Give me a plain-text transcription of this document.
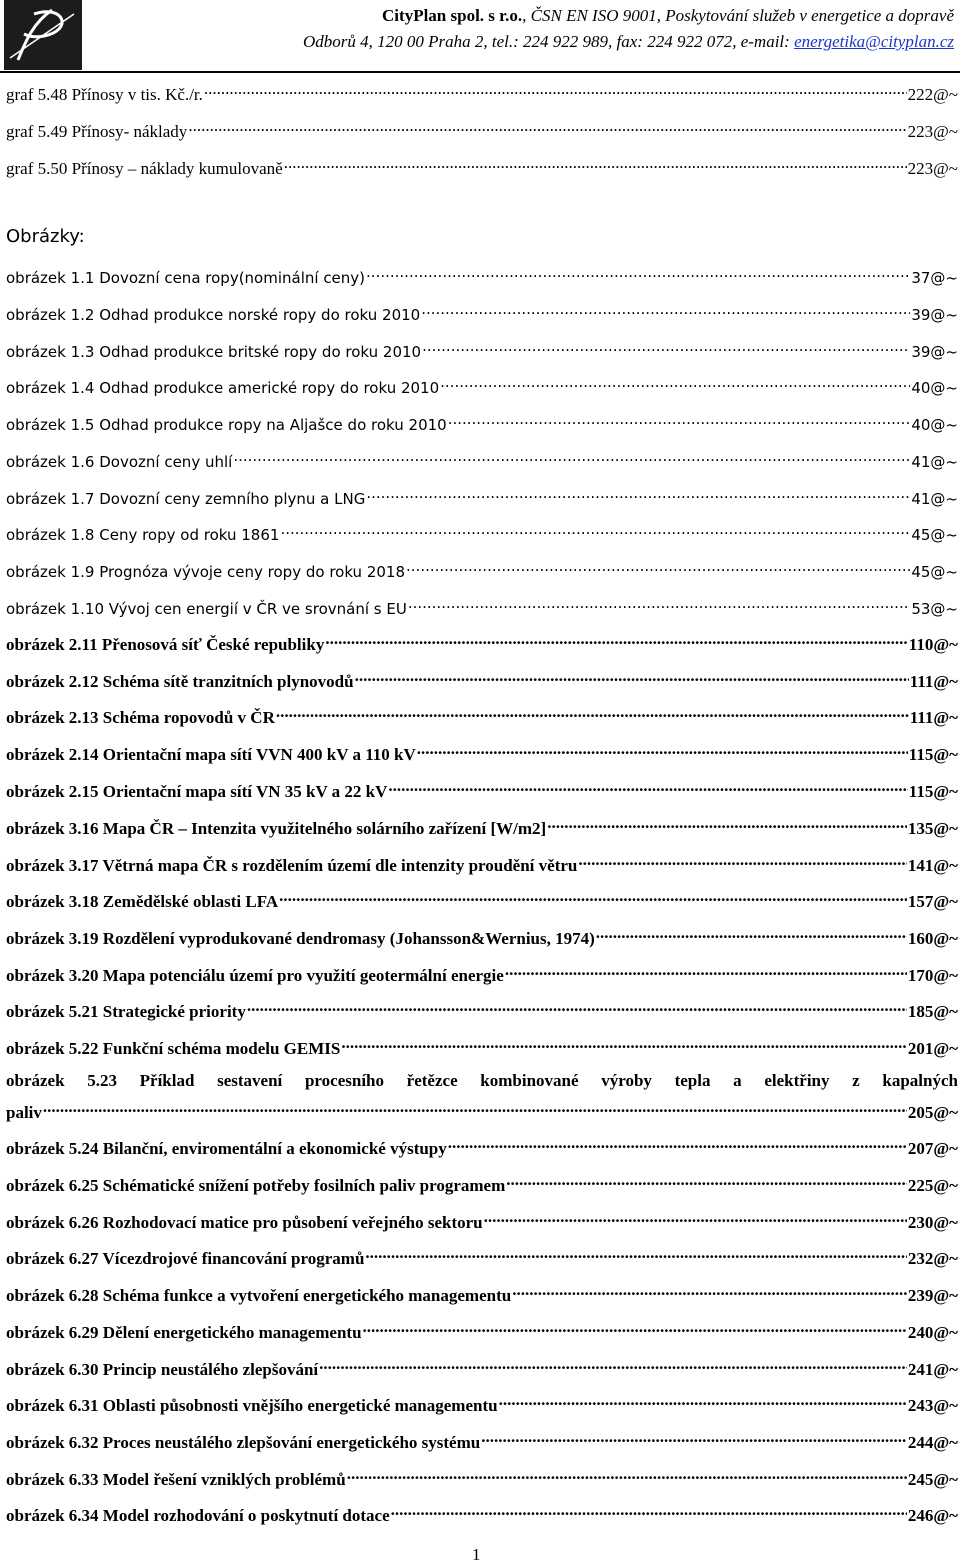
CityPlan spol. s r.o., ČSN EN ISO 9001, Poskytování služeb v energetice a dopravě
Odborů 4, 120 00 Praha 2, tel.: 224 922 989, fax: 224 922 072, e-mail: energetika@cityplan.cz
Obrázky:
graf 5.48 Přínosy v tis. Kč./r. .....	222@~
graf 5.49 Přínosy- náklady .....	223@~
graf 5.50 Přínosy – náklady kumulovaně .....	223@~
obrázek 1.1 Dovozní cena ropy(nominální ceny) .....	37@~
obrázek 1.2 Odhad produkce norské ropy do roku 2010 .....	39@~
obrázek 1.3 Odhad produkce britské ropy do roku 2010 .....	39@~
obrázek 1.4 Odhad produkce americké ropy do roku 2010 .....	40@~
obrázek 1.5 Odhad produkce ropy na Aljašce do roku 2010 .....	40@~
obrázek 1.6 Dovozní ceny uhlí .....	41@~
obrázek 1.7 Dovozní ceny zemního plynu a LNG .....	41@~
obrázek 1.8 Ceny ropy od roku 1861 .....	45@~
obrázek 1.9 Prognóza vývoje ceny ropy do roku 2018 .....	45@~
obrázek 1.10 Vývoj cen energií v ČR ve srovnání s EU .....	53@~
obrázek 2.11 Přenosová síť České republiky .....	110@~
obrázek 2.12 Schéma sítě tranzitních plynovodů .....	111@~
obrázek 2.13 Schéma ropovodů v ČR .....	111@~
obrázek 2.14 Orientační mapa sítí VVN 400 kV a 110 kV .....	115@~
obrázek 2.15 Orientační mapa sítí VN 35 kV a 22 kV .....	115@~
obrázek 3.16 Mapa ČR – Intenzita využitelného solárního zařízení [W/m2] .....	135@~
obrázek 3.17 Větrná mapa ČR s rozdělením území dle intenzity proudění větru .....	141@~
obrázek 3.18 Zemědělské oblasti LFA .....	157@~
obrázek 3.19 Rozdělení vyprodukované dendromasy (Johansson&Wernius, 1974) .....	160@~
obrázek 3.20 Mapa potenciálu území pro využití geotermální energie .....	170@~
obrázek 5.21 Strategické priority .....	185@~
obrázek 5.22 Funkční schéma modelu GEMIS .....	201@~
obrázek 5.23 Příklad sestavení procesního řetězce kombinované výroby tepla a elektřiny z kapalných
paliv .....	205@~
obrázek 5.24 Bilanční, enviromentální a ekonomické výstupy .....	207@~
obrázek 6.25 Schématické snížení potřeby fosilních paliv programem .....	225@~
obrázek 6.26 Rozhodovací matice pro působení veřejného sektoru .....	230@~
obrázek 6.27 Vícezdrojové financování programů .....	232@~
obrázek 6.28 Schéma funkce a vytvoření energetického managementu .....	239@~
obrázek 6.29 Dělení energetického managementu .....	240@~
obrázek 6.30 Princip neustálého zlepšování .....	241@~
obrázek 6.31 Oblasti působnosti vnějšího energetické managementu .....	243@~
obrázek 6.32 Proces neustálého zlepšování energetického systému .....	244@~
obrázek 6.33 Model řešení vzniklých problémů .....	245@~
obrázek 6.34 Model rozhodování o poskytnutí dotace .....	246@~
1
